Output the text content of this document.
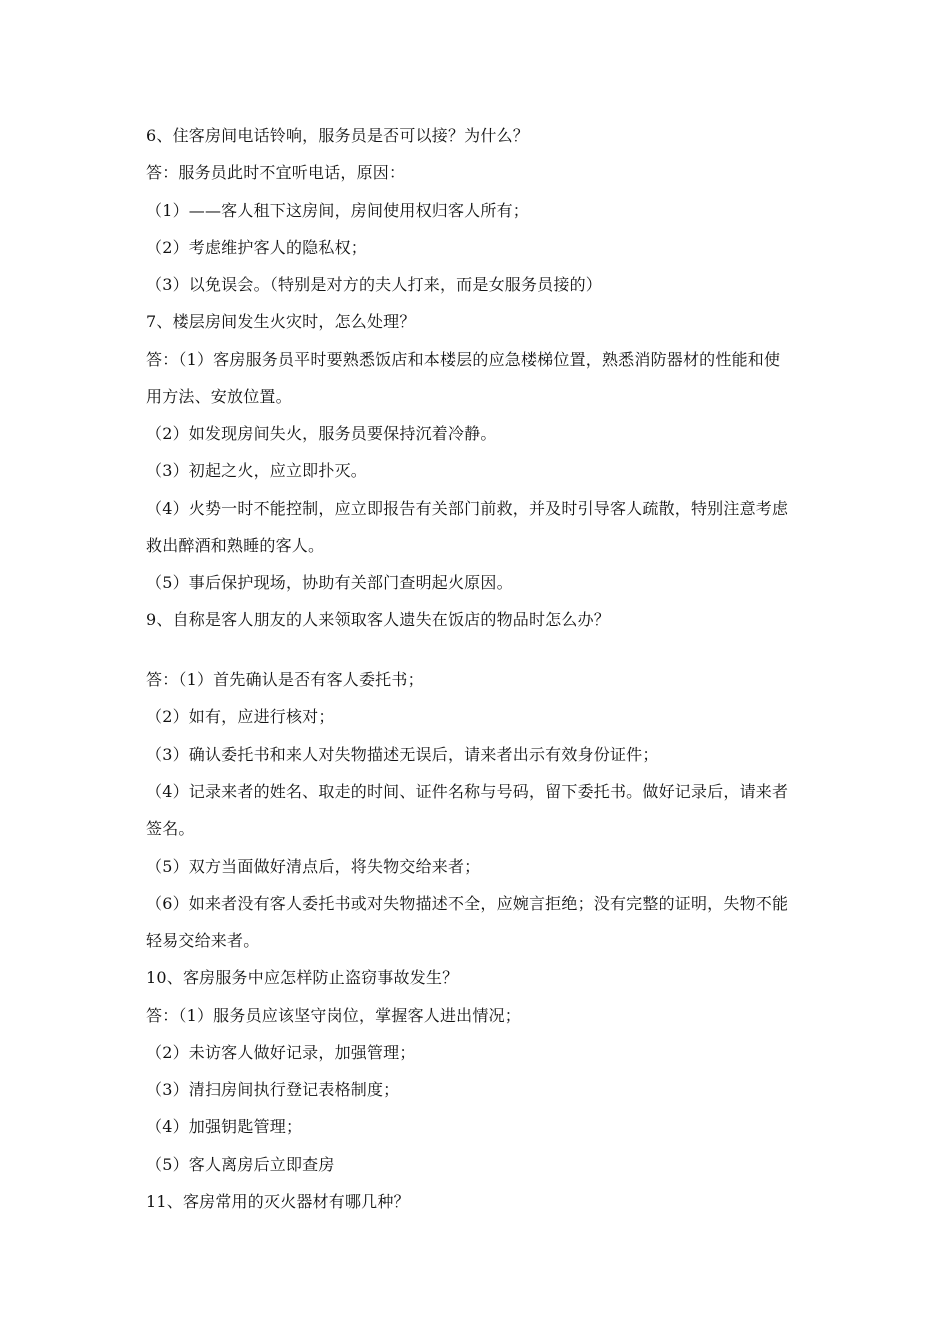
6、住客房间电话铃响，服务员是否可以接？为什么？
答：服务员此时不宜听电话，原因：
（1）——客人租下这房间，房间使用权归客人所有；
（2）考虑维护客人的隐私权；
（3）以免误会。（特别是对方的夫人打来，而是女服务员接的）
7、楼层房间发生火灾时，怎么处理？
答：（1）客房服务员平时要熟悉饭店和本楼层的应急楼梯位置，熟悉消防器材的性能和使
用方法、安放位置。
（2）如发现房间失火，服务员要保持沉着冷静。
（3）初起之火，应立即扑灭。
（4）火势一时不能控制，应立即报告有关部门前救，并及时引导客人疏散，特别注意考虑
救出醉酒和熟睡的客人。
（5）事后保护现场，协助有关部门查明起火原因。
9、自称是客人朋友的人来领取客人遗失在饭店的物品时怎么办？
答：（1）首先确认是否有客人委托书；
（2）如有，应进行核对；
（3）确认委托书和来人对失物描述无误后，请来者出示有效身份证件；
（4）记录来者的姓名、取走的时间、证件名称与号码，留下委托书。做好记录后，请来者
签名。
（5）双方当面做好清点后，将失物交给来者；
（6）如来者没有客人委托书或对失物描述不全，应婉言拒绝；没有完整的证明，失物不能
轻易交给来者。
10、客房服务中应怎样防止盗窃事故发生？
答：（1）服务员应该坚守岗位，掌握客人进出情况；
（2）未访客人做好记录，加强管理；
（3）清扫房间执行登记表格制度；
（4）加强钥匙管理；
（5）客人离房后立即查房
11、客房常用的灭火器材有哪几种？
